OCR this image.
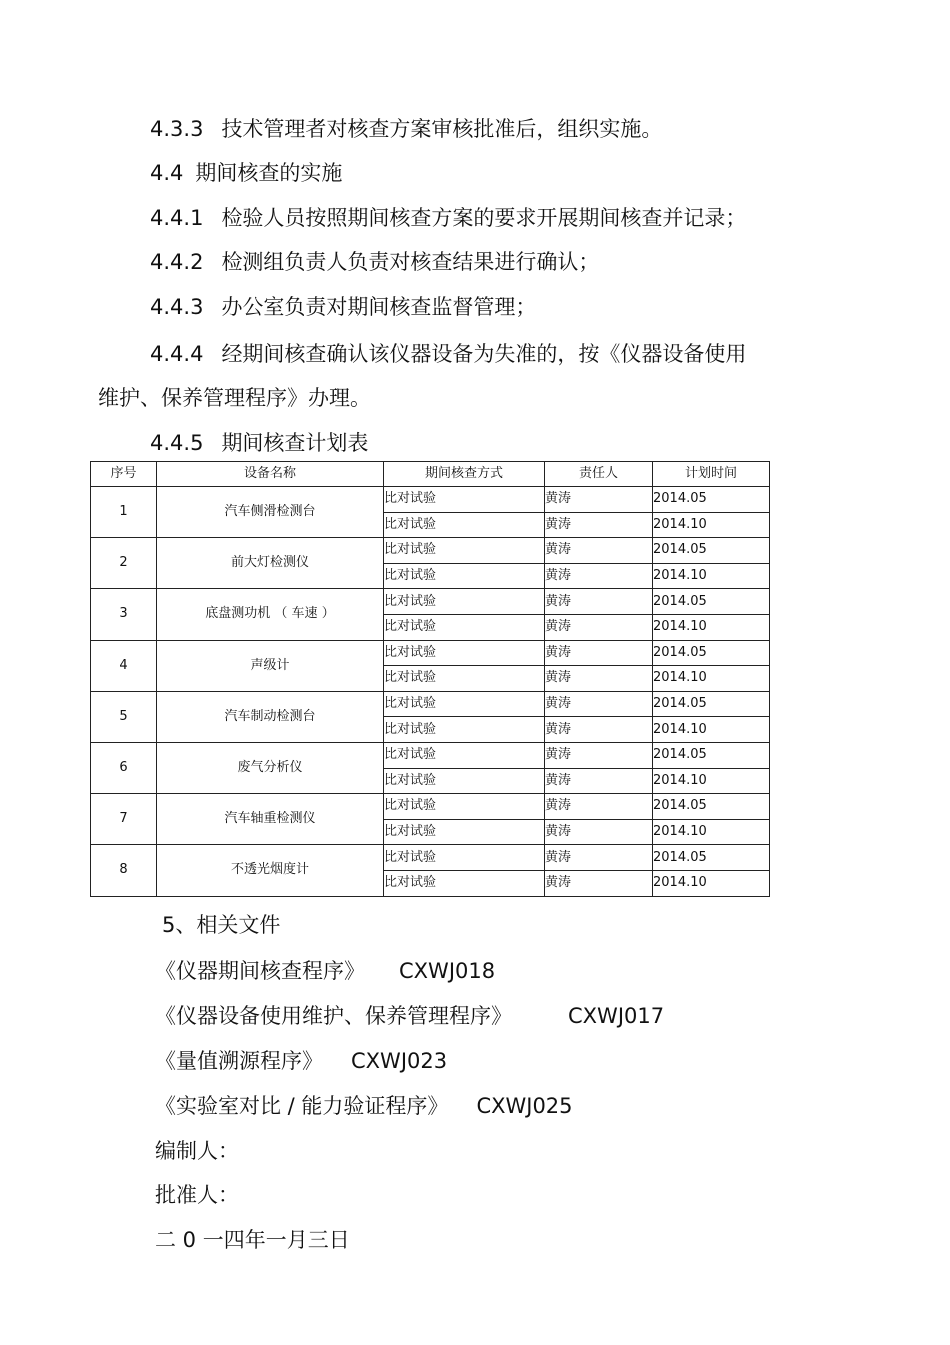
4.3.3 技术管理者对核查方案审核批准后，组织实施。
4.4 期间核查的实施
4.4.1 检验人员按照期间核查方案的要求开展期间核查并记录；
4.4.2 检测组负责人负责对核查结果进行确认；
4.4.3 办公室负责对期间核查监督管理；
4.4.4 经期间核查确认该仪器设备为失准的，按《仪器设备使用
维护、保养管理程序》办理。
4.4.5 期间核查计划表
序号	设备名称	期间核查方式	责任人	计划时间
1	汽车侧滑检测台	比对试验	黄涛	2014.05
		比对试验	黄涛	2014.10
2	前大灯检测仪	比对试验	黄涛	2014.05
		比对试验	黄涛	2014.10
3	底盘测功机 （ 车速 ）	比对试验	黄涛	2014.05
		比对试验	黄涛	2014.10
4	声级计	比对试验	黄涛	2014.05
		比对试验	黄涛	2014.10
5	汽车制动检测台	比对试验	黄涛	2014.05
		比对试验	黄涛	2014.10
6	废气分析仪	比对试验	黄涛	2014.05
		比对试验	黄涛	2014.10
7	汽车轴重检测仪	比对试验	黄涛	2014.05
		比对试验	黄涛	2014.10
8	不透光烟度计	比对试验	黄涛	2014.05
		比对试验	黄涛	2014.10
5、相关文件
《仪器期间核查程序》 CXWJ018
《仪器设备使用维护、保养管理程序》	CXWJ017
《量值溯源程序》 CXWJ023
《实验室对比 / 能力验证程序》 CXWJ025
编制人：
批准人：
二 0 一四年一月三日
